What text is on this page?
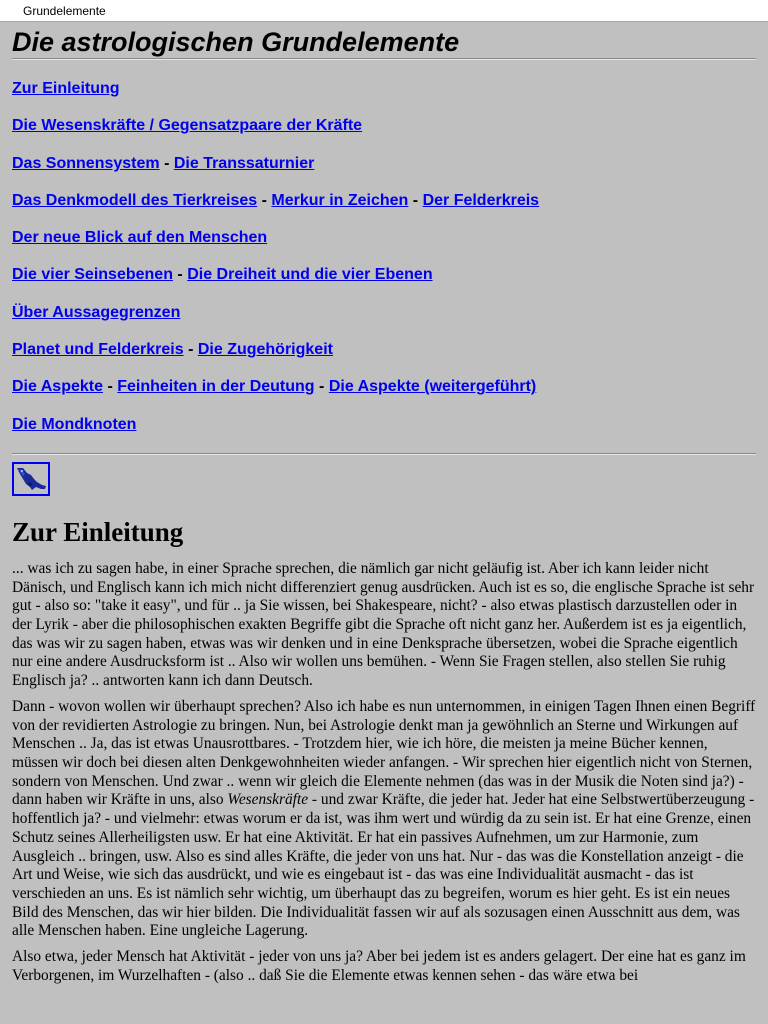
Grundelemente
Die astrologischen Grundelemente
Zur Einleitung
Die Wesenskräfte / Gegensatzpaare der Kräfte
Das Sonnensystem - Die Transsaturnier
Das Denkmodell des Tierkreises - Merkur in Zeichen - Der Felderkreis
Der neue Blick auf den Menschen
Die vier Seinsebenen - Die Dreiheit und die vier Ebenen
Über Aussagegrenzen
Planet und Felderkreis - Die Zugehörigkeit
Die Aspekte - Feinheiten in der Deutung - Die Aspekte (weitergeführt)
Die Mondknoten
Zur Einleitung

... was ich zu sagen habe, in einer Sprache sprechen, die nämlich gar nicht geläufig ist. Aber ich kann leider nicht Dänisch, und Englisch kann ich mich nicht differenziert genug ausdrücken. Auch ist es so, die englische Sprache ist sehr gut - also so: "take it easy", und für .. ja Sie wissen, bei Shakespeare, nicht? - also etwas plastisch darzustellen oder in der Lyrik - aber die philosophischen exakten Begriffe gibt die Sprache oft nicht ganz her. Außerdem ist es ja eigentlich, das was wir zu sagen haben, etwas was wir denken und in eine Denksprache übersetzen, wobei die Sprache eigentlich nur eine andere Ausdrucksform ist .. Also wir wollen uns bemühen. - Wenn Sie Fragen stellen, also stellen Sie ruhig Englisch ja? .. antworten kann ich dann Deutsch.

Dann - wovon wollen wir überhaupt sprechen? Also ich habe es nun unternommen, in einigen Tagen Ihnen einen Begriff von der revidierten Astrologie zu bringen. Nun, bei Astrologie denkt man ja gewöhnlich an Sterne und Wirkungen auf Menschen .. Ja, das ist etwas Unausrottbares. - Trotzdem hier, wie ich höre, die meisten ja meine Bücher kennen, müssen wir doch bei diesen alten Denkgewohnheiten wieder anfangen. - Wir sprechen hier eigentlich nicht von Sternen, sondern von Menschen. Und zwar .. wenn wir gleich die Elemente nehmen (das was in der Musik die Noten sind ja?) - dann haben wir Kräfte in uns, also Wesenskräfte - und zwar Kräfte, die jeder hat. Jeder hat eine Selbstwertüberzeugung - hoffentlich ja? - und vielmehr: etwas worum er da ist, was ihm wert und würdig da zu sein ist. Er hat eine Grenze, einen Schutz seines Allerheiligsten usw. Er hat eine Aktivität. Er hat ein passives Aufnehmen, um zur Harmonie, zum Ausgleich .. bringen, usw. Also es sind alles Kräfte, die jeder von uns hat. Nur - das was die Konstellation anzeigt - die Art und Weise, wie sich das ausdrückt, und wie es eingebaut ist - das was eine Individualität ausmacht - das ist verschieden an uns. Es ist nämlich sehr wichtig, um überhaupt das zu begreifen, worum es hier geht. Es ist ein neues Bild des Menschen, das wir hier bilden. Die Individualität fassen wir auf als sozusagen einen Ausschnitt aus dem, was alle Menschen haben. Eine ungleiche Lagerung.

Also etwa, jeder Mensch hat Aktivität - jeder von uns ja? Aber bei jedem ist es anders gelagert. Der eine hat es ganz im Verborgenen, im Wurzelhaften - (also .. daß Sie die Elemente etwas kennen sehen - das wäre etwa bei
